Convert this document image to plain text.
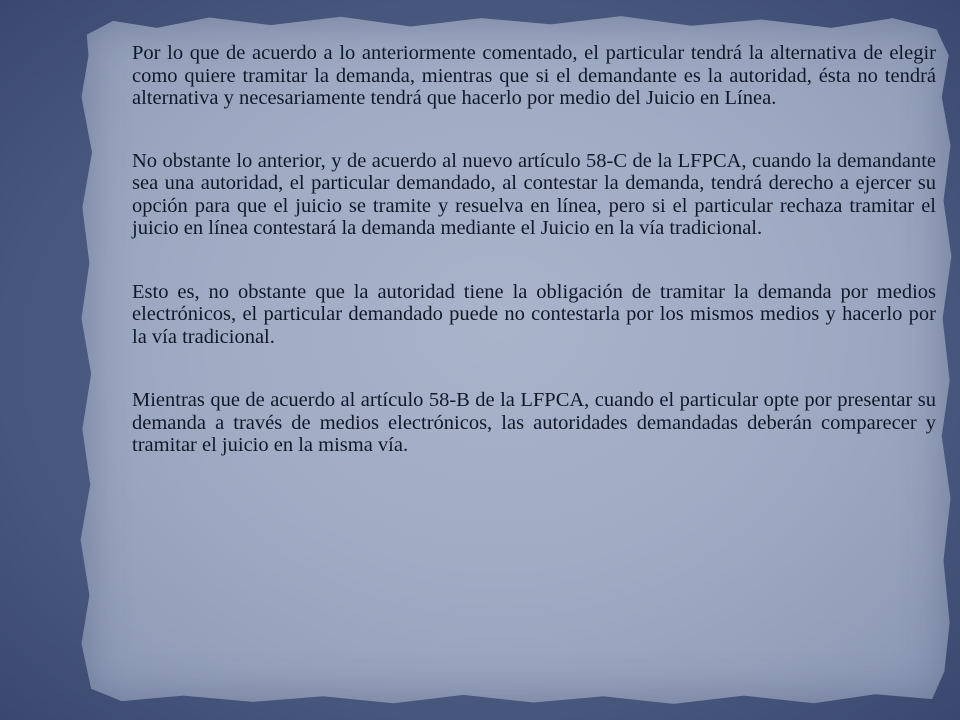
Por lo que de acuerdo a lo anteriormente comentado, el particular tendrá la alternativa de elegir como quiere tramitar la demanda, mientras que si el demandante es la autoridad, ésta no tendrá alternativa y necesariamente tendrá que hacerlo por medio del Juicio en Línea.

No obstante lo anterior, y de acuerdo al nuevo artículo 58-C de la LFPCA, cuando la demandante sea una autoridad, el particular demandado, al contestar la demanda, tendrá derecho a ejercer su opción para que el juicio se tramite y resuelva en línea, pero si el particular rechaza tramitar el juicio en línea contestará la demanda mediante el Juicio en la vía tradicional.

Esto es, no obstante que la autoridad tiene la obligación de tramitar la demanda por medios electrónicos, el particular demandado puede no contestarla por los mismos medios y hacerlo por la vía tradicional.

Mientras que de acuerdo al artículo 58-B de la LFPCA, cuando el particular opte por presentar su demanda a través de medios electrónicos, las autoridades demandadas deberán comparecer y tramitar el juicio en la misma vía.
